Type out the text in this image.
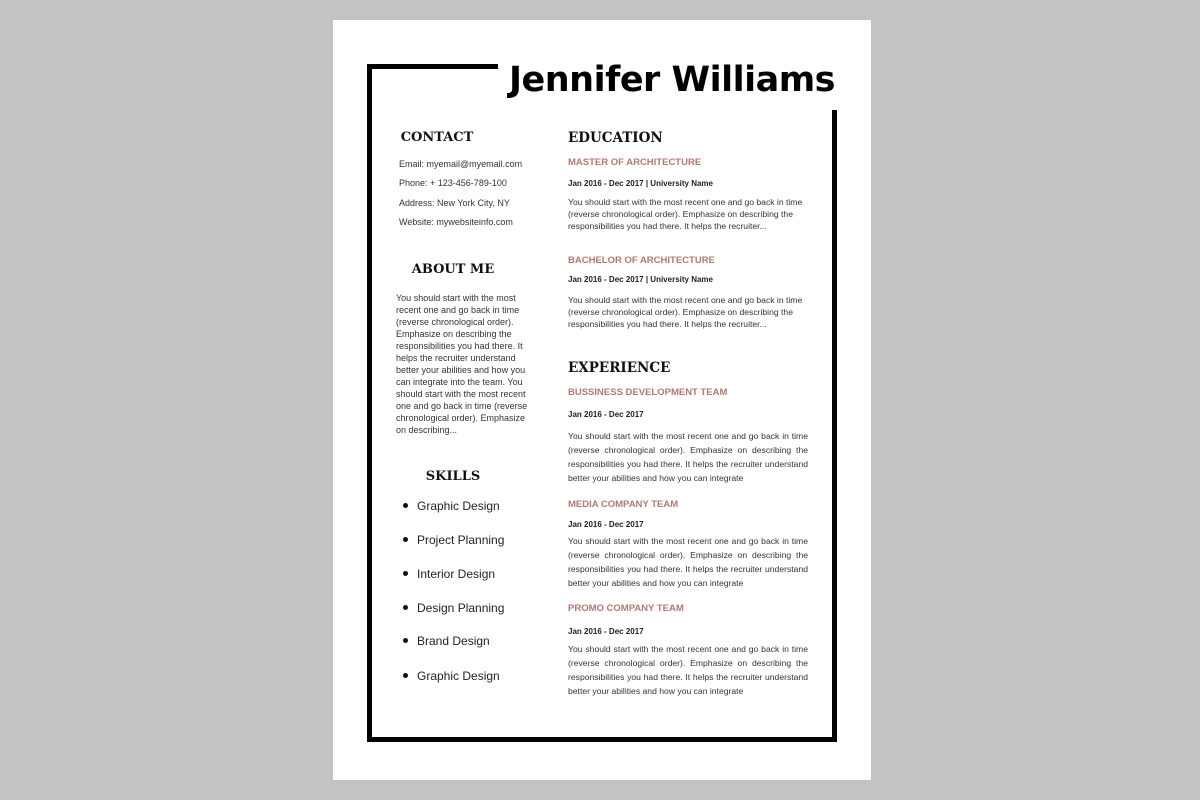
Jennifer Williams
CONTACT
Email: myemail@myemail.com
Phone: + 123-456-789-100
Address: New York City, NY
Website: mywebsiteinfo.com
ABOUT ME
You should start with the most recent one and go back in time (reverse chronological order). Emphasize on describing the responsibilities you had there. It helps the recruiter understand better your abilities and how you can integrate into the team. You should start with the most recent one and go back in time (reverse chronological order). Emphasize on describing...
SKILLS
Graphic Design
Project Planning
Interior Design
Design Planning
Brand Design
Graphic Design
EDUCATION
MASTER OF ARCHITECTURE
Jan 2016 - Dec 2017 | University Name
You should start with the most recent one and go back in time (reverse chronological order). Emphasize on describing the responsibilities you had there. It helps the recruiter...
BACHELOR OF ARCHITECTURE
Jan 2016 - Dec 2017 | University Name
You should start with the most recent one and go back in time (reverse chronological order). Emphasize on describing the responsibilities you had there. It helps the recruiter...
EXPERIENCE
BUSSINESS DEVELOPMENT TEAM
Jan 2016 - Dec 2017
You should start with the most recent one and go back in time (reverse chronological order). Emphasize on describing the responsibilities you had there. It helps the recruiter understand better your abilities and how you can integrate
MEDIA COMPANY TEAM
Jan 2016 - Dec 2017
You should start with the most recent one and go back in time (reverse chronological order). Emphasize on describing the responsibilities you had there. It helps the recruiter understand better your abilities and how you can integrate
PROMO COMPANY TEAM
Jan 2016 - Dec 2017
You should start with the most recent one and go back in time (reverse chronological order). Emphasize on describing the responsibilities you had there. It helps the recruiter understand better your abilities and how you can integrate
